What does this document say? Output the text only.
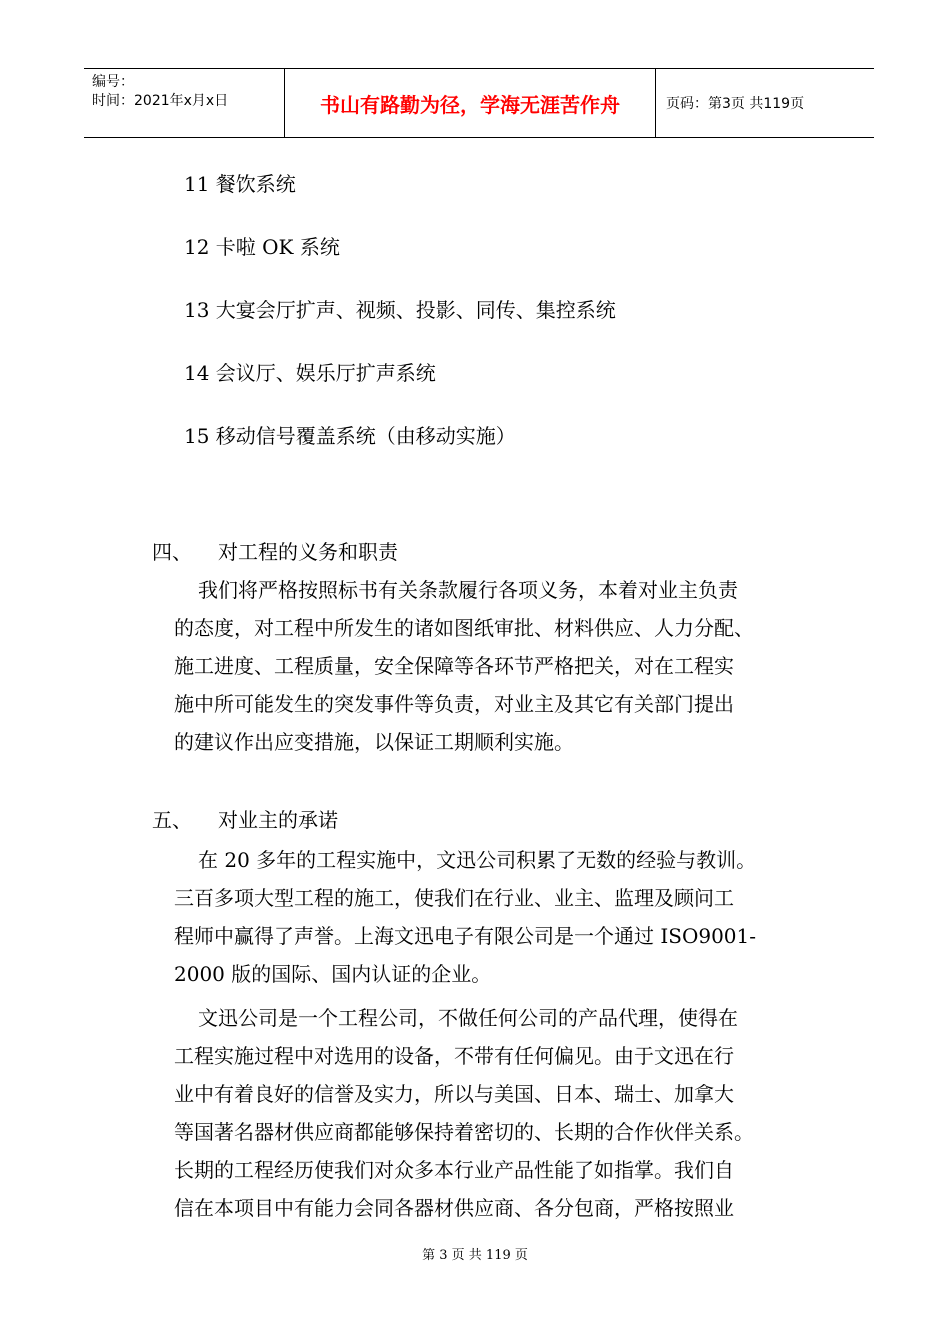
编号：
时间：2021年x月x日	书山有路勤为径，学海无涯苦作舟	页码：第3页 共119页
11 餐饮系统
12 卡啦 OK 系统
13 大宴会厅扩声、视频、投影、同传、集控系统
14 会议厅、娱乐厅扩声系统
15 移动信号覆盖系统（由移动实施）
四、 对工程的义务和职责
我们将严格按照标书有关条款履行各项义务，本着对业主负责
的态度，对工程中所发生的诸如图纸审批、材料供应、人力分配、
施工进度、工程质量，安全保障等各环节严格把关，对在工程实
施中所可能发生的突发事件等负责，对业主及其它有关部门提出
的建议作出应变措施，以保证工期顺利实施。
五、 对业主的承诺
在 20 多年的工程实施中，文迅公司积累了无数的经验与教训。
三百多项大型工程的施工，使我们在行业、业主、监理及顾问工
程师中赢得了声誉。上海文迅电子有限公司是一个通过 ISO9001-
2000 版的国际、国内认证的企业。
文迅公司是一个工程公司，不做任何公司的产品代理，使得在
工程实施过程中对选用的设备，不带有任何偏见。由于文迅在行
业中有着良好的信誉及实力，所以与美国、日本、瑞士、加拿大
等国著名器材供应商都能够保持着密切的、长期的合作伙伴关系。
长期的工程经历使我们对众多本行业产品性能了如指掌。我们自
信在本项目中有能力会同各器材供应商、各分包商，严格按照业
第 3 页 共 119 页
